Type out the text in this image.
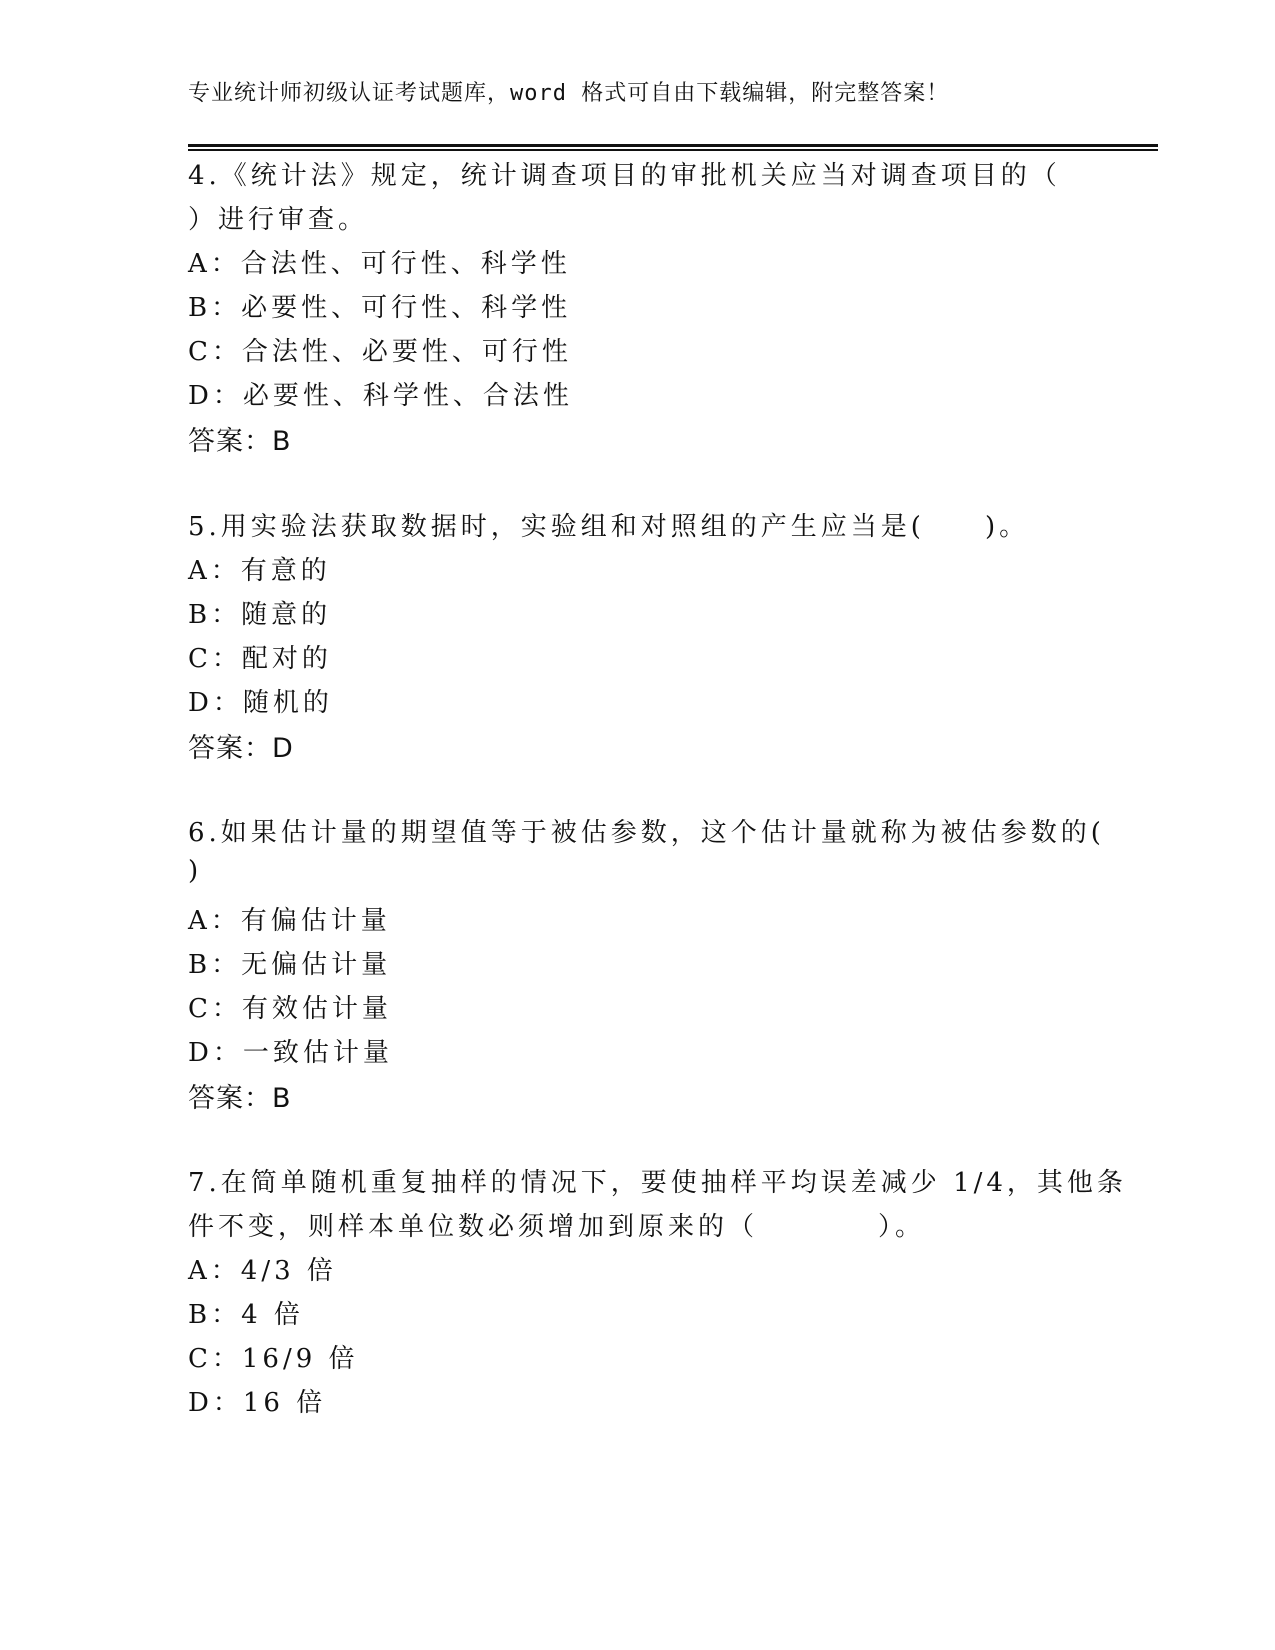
专业统计师初级认证考试题库，word 格式可自由下载编辑，附完整答案！
4.《统计法》规定，统计调查项目的审批机关应当对调查项目的（
）进行审查。
A：合法性、可行性、科学性
B：必要性、可行性、科学性
C：合法性、必要性、可行性
D：必要性、科学性、合法性
答案：B
5.用实验法获取数据时，实验组和对照组的产生应当是(　　)。
A：有意的
B：随意的
C：配对的
D：随机的
答案：D
6.如果估计量的期望值等于被估参数，这个估计量就称为被估参数的(
)
A：有偏估计量
B：无偏估计量
C：有效估计量
D：一致估计量
答案：B
7.在简单随机重复抽样的情况下，要使抽样平均误差减少 1/4，其他条
件不变，则样本单位数必须增加到原来的（　　　　）。
A：4/3 倍
B：4 倍
C：16/9 倍
D：16 倍
